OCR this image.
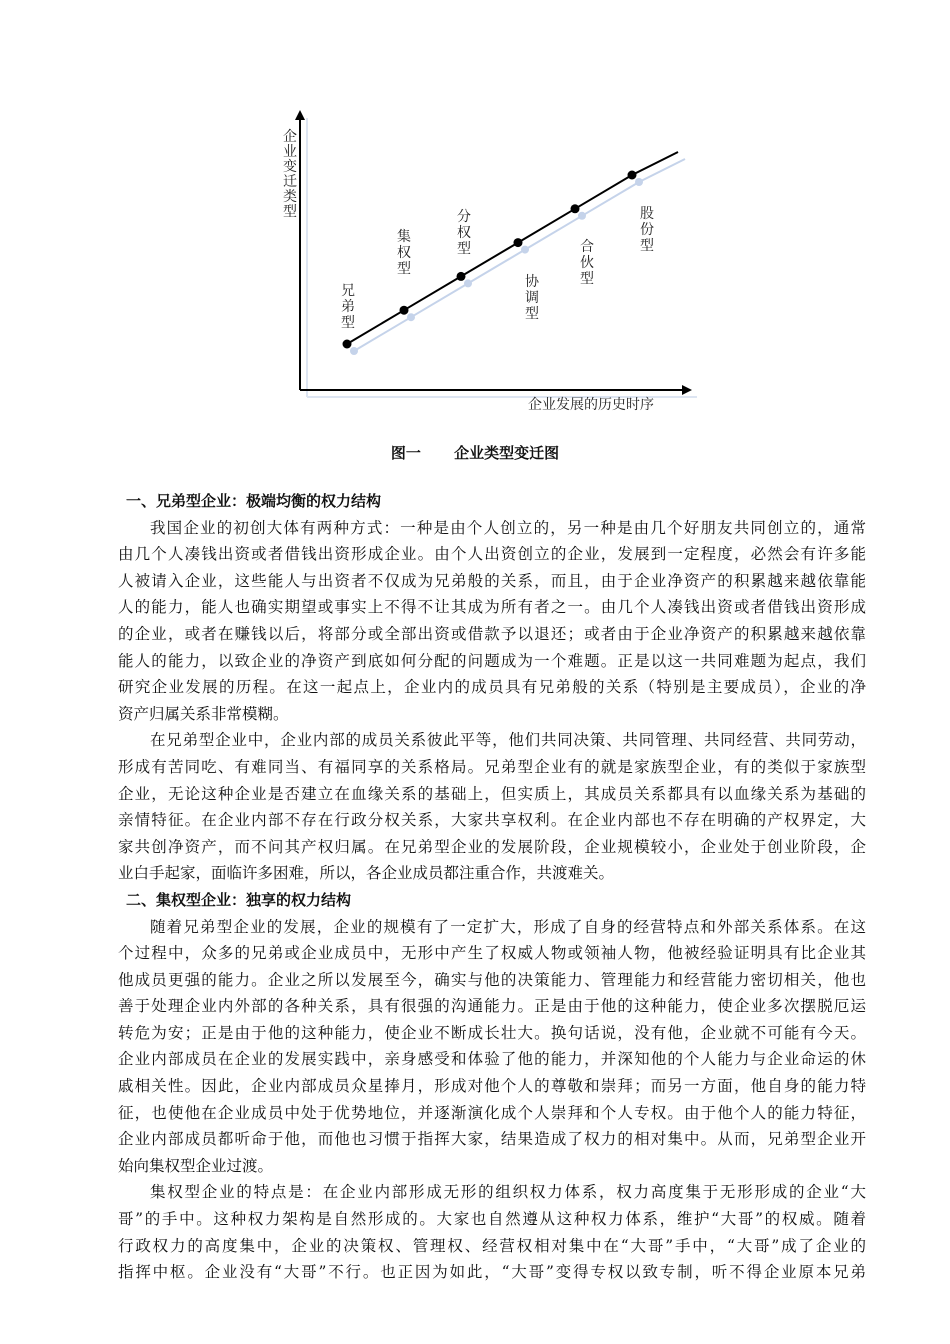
企业变迁类型
兄弟型
集权型
分权型
协调型
合伙型
股份型
企业发展的历史时序
图一 企业类型变迁图
一、兄弟型企业：极端均衡的权力结构
我国企业的初创大体有两种方式：一种是由个人创立的，另一种是由几个好朋友共同创立的，通常
由几个人凑钱出资或者借钱出资形成企业。由个人出资创立的企业，发展到一定程度，必然会有许多能
人被请入企业，这些能人与出资者不仅成为兄弟般的关系，而且，由于企业净资产的积累越来越依靠能
人的能力，能人也确实期望或事实上不得不让其成为所有者之一。由几个人凑钱出资或者借钱出资形成
的企业，或者在赚钱以后，将部分或全部出资或借款予以退还；或者由于企业净资产的积累越来越依靠
能人的能力，以致企业的净资产到底如何分配的问题成为一个难题。正是以这一共同难题为起点，我们
研究企业发展的历程。在这一起点上，企业内的成员具有兄弟般的关系（特别是主要成员），企业的净
资产归属关系非常模糊。
在兄弟型企业中，企业内部的成员关系彼此平等，他们共同决策、共同管理、共同经营、共同劳动，
形成有苦同吃、有难同当、有福同享的关系格局。兄弟型企业有的就是家族型企业，有的类似于家族型
企业，无论这种企业是否建立在血缘关系的基础上，但实质上，其成员关系都具有以血缘关系为基础的
亲情特征。在企业内部不存在行政分权关系，大家共享权利。在企业内部也不存在明确的产权界定，大
家共创净资产，而不问其产权归属。在兄弟型企业的发展阶段，企业规模较小，企业处于创业阶段，企
业白手起家，面临许多困难，所以，各企业成员都注重合作，共渡难关。
二、集权型企业：独享的权力结构
随着兄弟型企业的发展，企业的规模有了一定扩大，形成了自身的经营特点和外部关系体系。在这
个过程中，众多的兄弟或企业成员中，无形中产生了权威人物或领袖人物，他被经验证明具有比企业其
他成员更强的能力。企业之所以发展至今，确实与他的决策能力、管理能力和经营能力密切相关，他也
善于处理企业内外部的各种关系，具有很强的沟通能力。正是由于他的这种能力，使企业多次摆脱厄运
转危为安；正是由于他的这种能力，使企业不断成长壮大。换句话说，没有他，企业就不可能有今天。
企业内部成员在企业的发展实践中，亲身感受和体验了他的能力，并深知他的个人能力与企业命运的休
戚相关性。因此，企业内部成员众星捧月，形成对他个人的尊敬和崇拜；而另一方面，他自身的能力特
征，也使他在企业成员中处于优势地位，并逐渐演化成个人崇拜和个人专权。由于他个人的能力特征，
企业内部成员都听命于他，而他也习惯于指挥大家，结果造成了权力的相对集中。从而，兄弟型企业开
始向集权型企业过渡。
集权型企业的特点是：在企业内部形成无形的组织权力体系，权力高度集于无形形成的企业“大
哥”的手中。这种权力架构是自然形成的。大家也自然遵从这种权力体系，维护“大哥”的权威。随着
行政权力的高度集中，企业的决策权、管理权、经营权相对集中在“大哥”手中，“大哥”成了企业的
指挥中枢。企业没有“大哥”不行。也正因为如此，“大哥”变得专权以致专制，听不得企业原本兄弟
